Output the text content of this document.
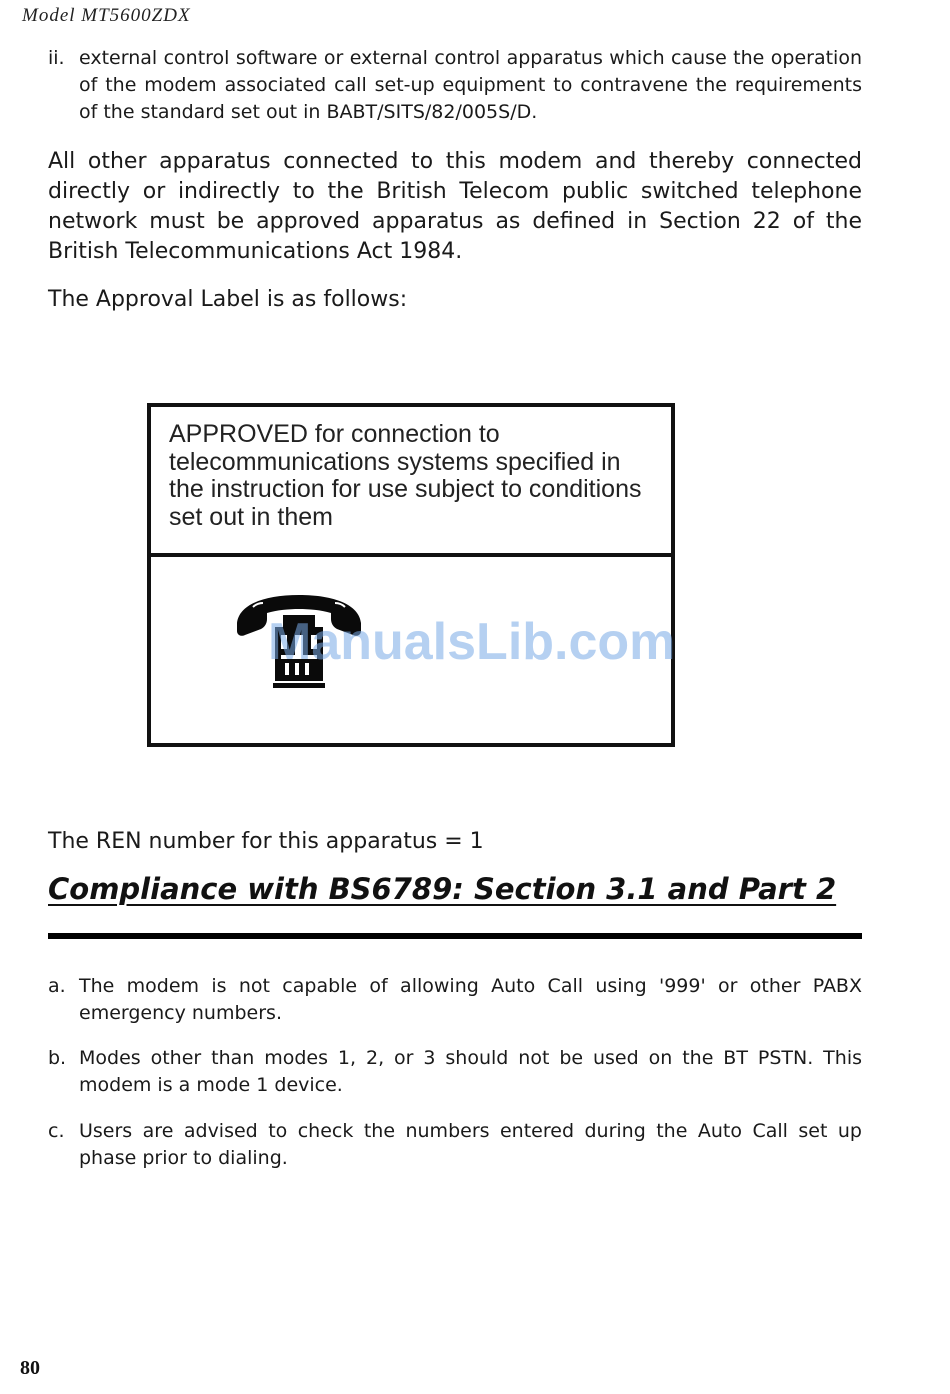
Model MT5600ZDX
ii. external control software or external control apparatus which cause the operation of the modem associated call set-up equipment to contravene the requirements of the standard set out in BABT/SITS/82/005S/D.
All other apparatus connected to this modem and thereby connected directly or indirectly to the British Telecom public switched telephone network must be approved apparatus as defined in Section 22 of the British Telecommunications Act 1984.
The Approval Label is as follows:
APPROVED for connection to telecommunications systems specified in the instruction for use subject to conditions set out in them
ManualsLib.com
The REN number for this apparatus = 1
Compliance with BS6789: Section 3.1 and Part 2
a. The modem is not capable of allowing Auto Call using '999' or other PABX emergency numbers.
b. Modes other than modes 1, 2, or 3 should not be used on the BT PSTN. This modem is a mode 1 device.
c. Users are advised to check the numbers entered during the Auto Call set up phase prior to dialing.
80
